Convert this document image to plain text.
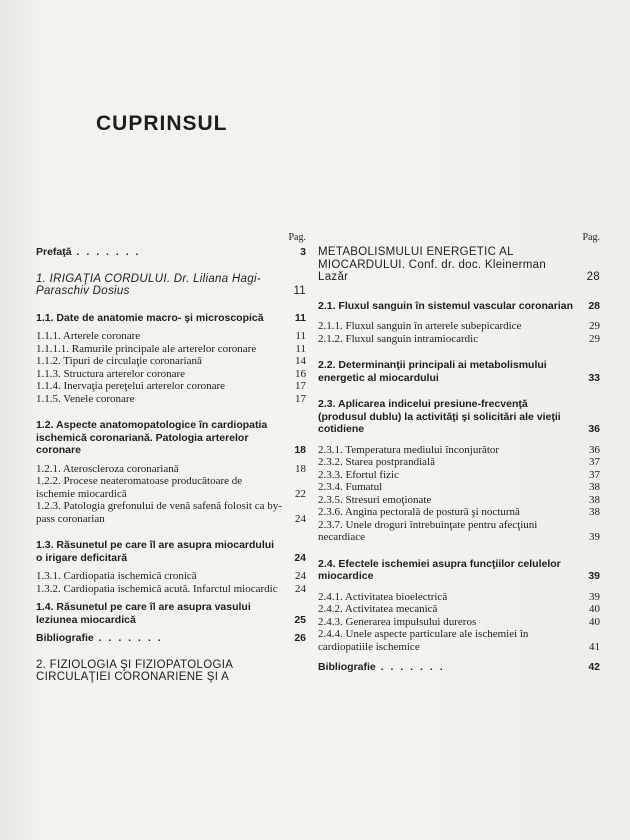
CUPRINSUL
Pag.
Prefaţă . .	3
1. IRIGAŢIA CORDULUI. Dr. Liliana Hagi-Paraschiv Dosius	11
1.1. Date de anatomie macro- şi microscopică	11
1.1.1. Arterele coronare	11
1.1.1.1. Ramurile principale ale arterelor coronare	11
1.1.2. Tipuri de circulaţie coronariană	14
1.1.3. Structura arterelor coronare	16
1.1.4. Inervaţia pereţelui arterelor coronare	17
1.1.5. Venele coronare	17
1.2. Aspecte anatomopatologice în cardiopatia ischemică coronariană. Patologia arterelor coronare	18
1.2.1. Ateroscleroza coronariană	18
1.2.2. Procese neateromatoase producătoare de ischemie miocardică	22
1.2.3. Patologia grefonului de venă safenă folosit ca by-pass coronarian	24
1.3. Răsunetul pe care îl are asupra miocardului o irigare deficitară	24
1.3.1. Cardiopatia ischemică cronică	24
1.3.2. Cardiopatia ischemică acută. Infarctul miocardic	24
1.4. Răsunetul pe care îl are asupra vasului leziunea miocardică	25
Bibliografie . .	26
2. FIZIOLOGIA ŞI FIZIOPATOLOGIA CIRCULAŢIEI CORONARIENE ŞI A
Pag.
METABOLISMULUI ENERGETIC AL MIOCARDULUI. Conf. dr. doc. Kleinerman Lazăr	28
2.1. Fluxul sanguin în sistemul vascular coronarian	28
2.1.1. Fluxul sanguin în arterele subepicardice	29
2.1.2. Fluxul sanguin intramiocardic	29
2.2. Determinanţii principali ai metabolismului energetic al miocardului	33
2.3. Aplicarea indicelui presiune-frecvenţă (produsul dublu) la activităţi şi solicitări ale vieţii cotidiene	36
2.3.1. Temperatura mediului înconjurător	36
2.3.2. Starea postprandială	37
2.3.3. Efortul fizic	37
2.3.4. Fumatul	38
2.3.5. Stresuri emoţionate	38
2.3.6. Angina pectorală de postură şi nocturnă	38
2.3.7. Unele droguri întrebuinţate pentru afecţiuni necardiace	39
2.4. Efectele ischemiei asupra funcţiilor celulelor miocardice	39
2.4.1. Activitatea bioelectrică	39
2.4.2. Activitatea mecanică	40
2.4.3. Generarea impulsului dureros	40
2.4.4. Unele aspecte particulare ale ischemiei în cardiopatiile ischemice	41
Bibliografie . .	42
